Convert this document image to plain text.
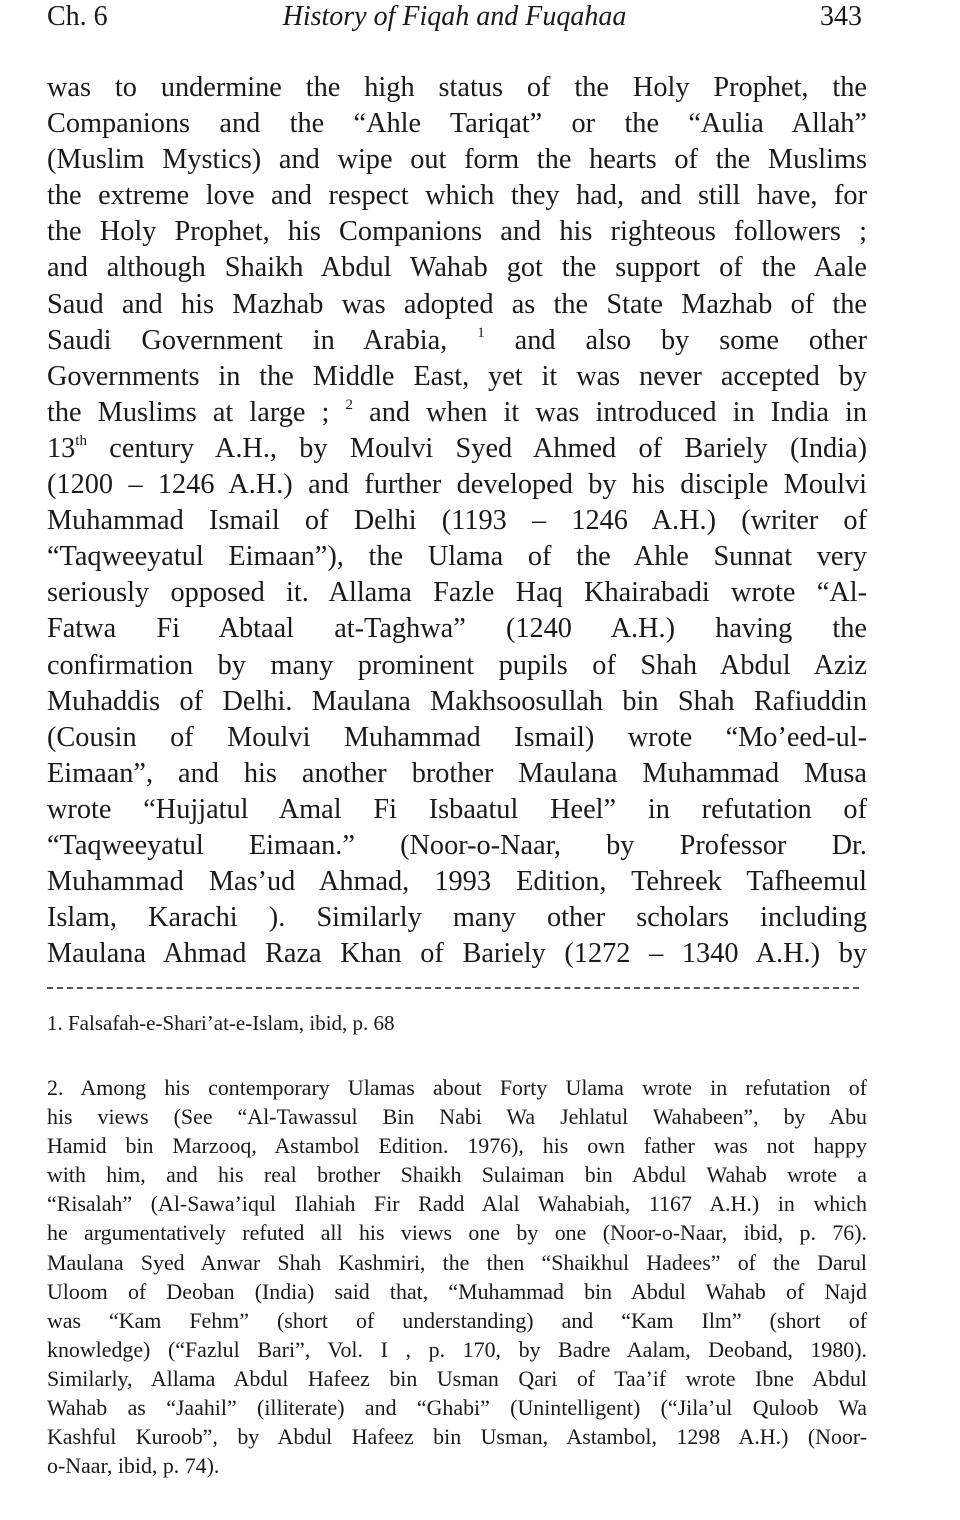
Ch. 6	History of Fiqah and Fuqahaa	343
was to undermine the high status of the Holy Prophet, the
Companions and the “Ahle Tariqat” or the “Aulia Allah”
(Muslim Mystics) and wipe out form the hearts of the Muslims
the extreme love and respect which they had, and still have, for
the Holy Prophet, his Companions and his righteous followers ;
and although Shaikh Abdul Wahab got the support of the Aale
Saud and his Mazhab was adopted as the State Mazhab of the
Saudi Government in Arabia, $^1$ and also by some other
Governments in the Middle East, yet it was never accepted by
the Muslims at large ; $^2$ and when it was introduced in India in
13th century A.H., by Moulvi Syed Ahmed of Bariely (India)
(1200 – 1246 A.H.) and further developed by his disciple Moulvi
Muhammad Ismail of Delhi (1193 – 1246 A.H.) (writer of
“Taqweeyatul Eimaan”), the Ulama of the Ahle Sunnat very
seriously opposed it. Allama Fazle Haq Khairabadi wrote “Al-
Fatwa Fi Abtaal at-Taghwa” (1240 A.H.) having the
confirmation by many prominent pupils of Shah Abdul Aziz
Muhaddis of Delhi. Maulana Makhsoosullah bin Shah Rafiuddin
(Cousin of Moulvi Muhammad Ismail) wrote “Mo’eed-ul-
Eimaan”, and his another brother Maulana Muhammad Musa
wrote “Hujjatul Amal Fi Isbaatul Heel” in refutation of
“Taqweeyatul Eimaan.” (Noor-o-Naar, by Professor Dr.
Muhammad Mas’ud Ahmad, 1993 Edition, Tehreek Tafheemul
Islam, Karachi ). Similarly many other scholars including
Maulana Ahmad Raza Khan of Bariely (1272 – 1340 A.H.) by
1. Falsafah-e-Shari’at-e-Islam, ibid, p. 68
2. Among his contemporary Ulamas about Forty Ulama wrote in refutation of
his views (See “Al-Tawassul Bin Nabi Wa Jehlatul Wahabeen”, by Abu
Hamid bin Marzooq, Astambol Edition. 1976), his own father was not happy
with him, and his real brother Shaikh Sulaiman bin Abdul Wahab wrote a
“Risalah” (Al-Sawa’iqul Ilahiah Fir Radd Alal Wahabiah, 1167 A.H.) in which
he argumentatively refuted all his views one by one (Noor-o-Naar, ibid, p. 76).
Maulana Syed Anwar Shah Kashmiri, the then “Shaikhul Hadees” of the Darul
Uloom of Deoban (India) said that, “Muhammad bin Abdul Wahab of Najd
was “Kam Fehm” (short of understanding) and “Kam Ilm” (short of
knowledge) (“Fazlul Bari”, Vol. I , p. 170, by Badre Aalam, Deoband, 1980).
Similarly, Allama Abdul Hafeez bin Usman Qari of Taa’if wrote Ibne Abdul
Wahab as “Jaahil” (illiterate) and “Ghabi” (Unintelligent) (“Jila’ul Quloob Wa
Kashful Kuroob”, by Abdul Hafeez bin Usman, Astambol, 1298 A.H.) (Noor-
o-Naar, ibid, p. 74).
